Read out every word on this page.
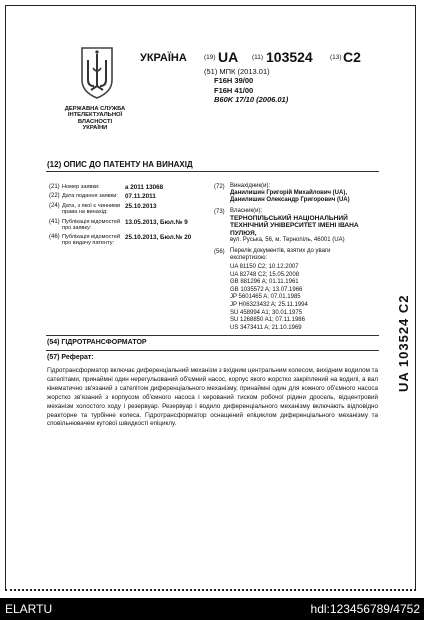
ДЕРЖАВНА СЛУЖБА
ІНТЕЛЕКТУАЛЬНОЇ
ВЛАСНОСТІ
УКРАЇНИ
УКРАЇНА	(19) UA (11) 103524	(13) C2
(51) МПК (2013.01)
F16H 39/00
F16H 41/00
B60K 17/10 (2006.01)
(12) ОПИС ДО ПАТЕНТУ НА ВИНАХІД
(21) Номер заявки:	a 2011 13068
(22) Дата подання заявки:	07.11.2011
(24) Дата, з якої є чинними права на винахід:
25.10.2013
(41) Публікація відомостей про заявку:
13.05.2013, Бюл.№ 9
(46) Публікація відомостей про видачу патенту:
25.10.2013, Бюл.№ 20
(72) Винахідник(и):
Данилишин Григорій Михайлович (UA),
Данилишин Олександр Григорович (UA)
(73) Власник(и):
ТЕРНОПІЛЬСЬКИЙ НАЦІОНАЛЬНИЙ
ТЕХНІЧНИЙ УНІВЕРСИТЕТ ІМЕНІ ІВАНА
ПУЛЮЯ,
вул. Руська, 56, м. Тернопіль, 46001 (UA)
(56) Перелік документів, взятих до уваги
експертизою:
UA 81150 C2; 10.12.2007
UA 82748 C2; 15.05.2008
GB 881296 A; 01.11.1961
GB 1035572 A; 13.07.1966
JP 5601465 A; 07.01.1985
JP H06323432 A; 25.11.1994
SU 458994 A1; 30.01.1975
SU 1268850 A1; 07.11.1986
US 3473411 A; 21.10.1969	UA 103524 C2
(54) ГІДРОТРАНСФОРМАТОР
(57) Реферат:
Гідротрансформатор включає диференціальний механізм з вхідним центральним колесом, вихідним водилом та сателітами, принаймні один нерегульований об'ємний насос, корпус якого жорстко закріплений на водилі, а вал кінематично зв'язаний з сателітом диференціального механізму, принаймні один для кожного об'ємного насоса жорстко зв'язаний з корпусом об'ємного насоса і керований тиском робочої рідини дросель, відцентровий механізм холостого ходу і резервуар. Резервуар і водило диференціального механізму включають відповідно реакторне та турбінне колеса. Гідротрансформатор оснащений епіциклом диференціального механізму та сповільнювачем кутової швидкості епіциклу.
ELARTU	hdl:123456789/4752
